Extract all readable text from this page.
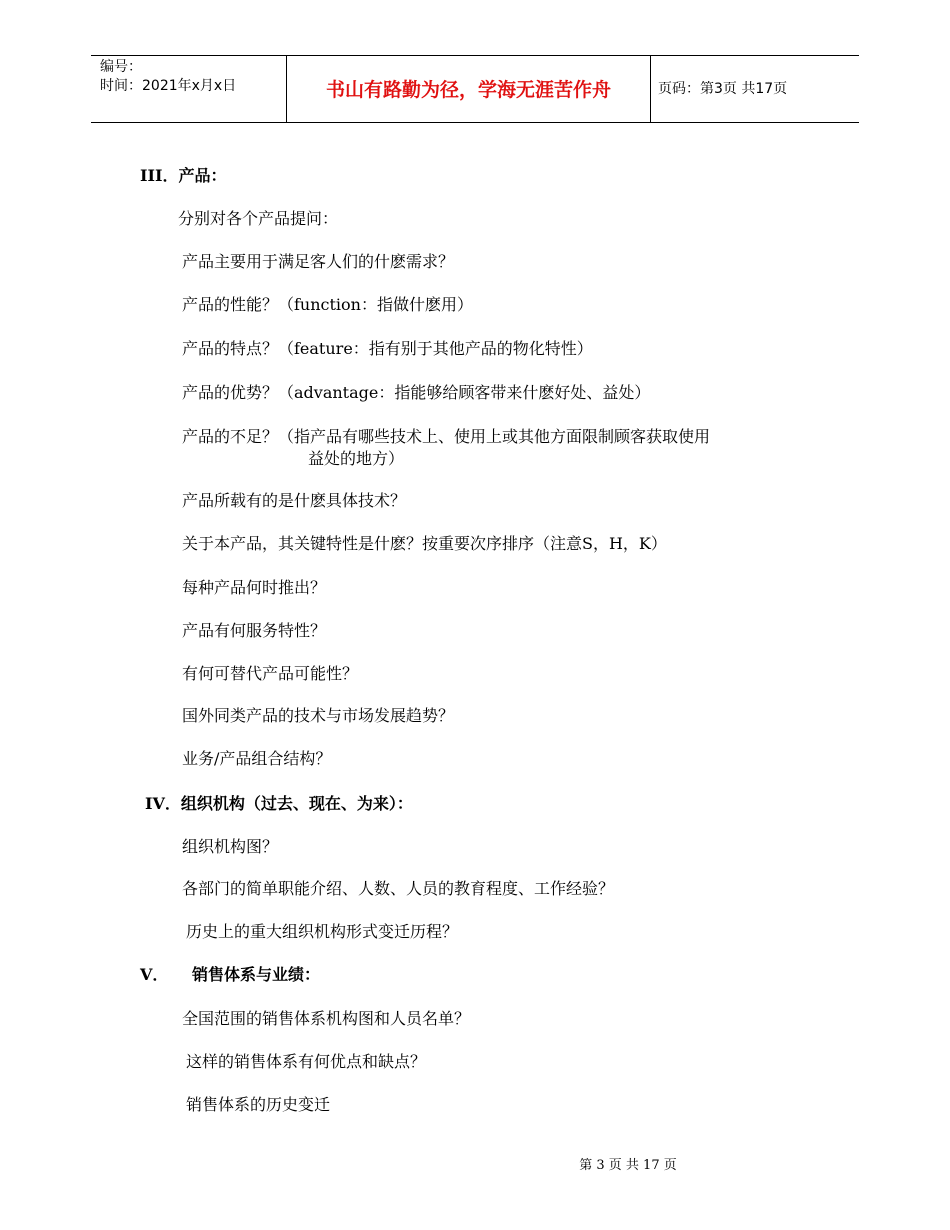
编号：
时间：2021年x月x日	书山有路勤为径，学海无涯苦作舟	页码：第3页 共17页
III．产品：
分别对各个产品提问：
产品主要用于满足客人们的什麽需求？
产品的性能？（function：指做什麽用）
产品的特点？（feature：指有别于其他产品的物化特性）
产品的优势？（advantage：指能够给顾客带来什麽好处、益处）
产品的不足？（指产品有哪些技术上、使用上或其他方面限制顾客获取使用
益处的地方）
产品所载有的是什麽具体技术？
关于本产品，其关键特性是什麽？按重要次序排序（注意S，H，K）
每种产品何时推出？
产品有何服务特性？
有何可替代产品可能性？
国外同类产品的技术与市场发展趋势？
业务/产品组合结构？
IV．组织机构（过去、现在、为来）：
组织机构图？
各部门的简单职能介绍、人数、人员的教育程度、工作经验？
历史上的重大组织机构形式变迁历程？
V． 销售体系与业绩：
全国范围的销售体系机构图和人员名单？
这样的销售体系有何优点和缺点？
销售体系的历史变迁
第 3 页 共 17 页
